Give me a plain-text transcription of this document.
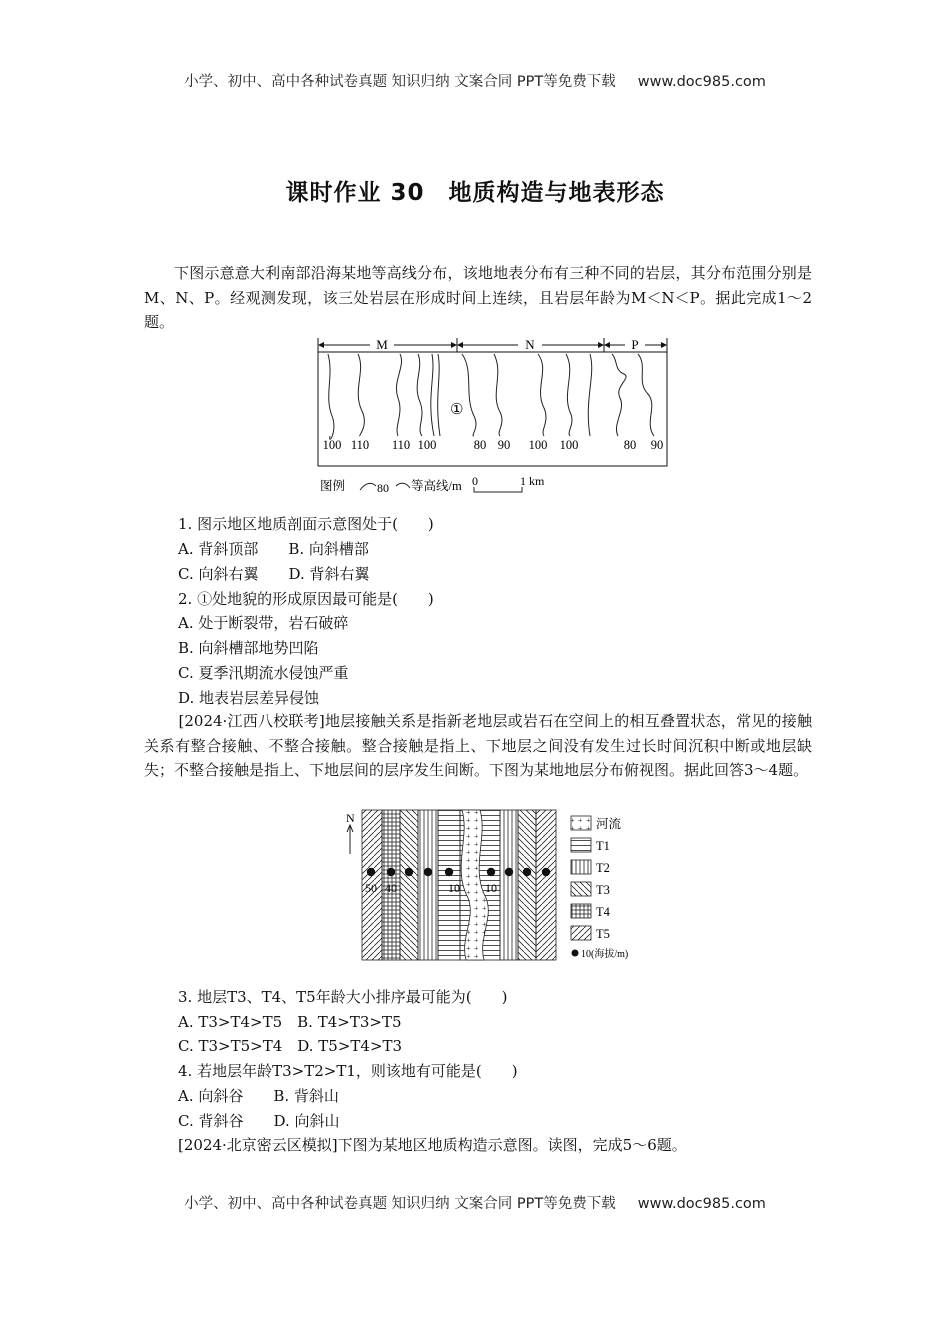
小学、初中、高中各种试卷真题 知识归纳 文案合同 PPT等免费下载 www.doc985.com
课时作业 30　地质构造与地表形态
下图示意意大利南部沿海某地等高线分布，该地地表分布有三种不同的岩层，其分布范围分别是M、N、P。经观测发现，该三处岩层在形成时间上连续，且岩层年龄为M＜N＜P。据此完成1～2题。
M	N	P
①
100 110 110 100	80 90 100 100	80 90
图例	80 等高线/m 0	1 km
1. 图示地区地质剖面示意图处于(　　)
A. 背斜顶部　　B. 向斜槽部
C. 向斜右翼　　D. 背斜右翼
2. ①处地貌的形成原因最可能是(　　)
A. 处于断裂带，岩石破碎
B. 向斜槽部地势凹陷
C. 夏季汛期流水侵蚀严重
D. 地表岩层差异侵蚀
[2024·江西八校联考]地层接触关系是指新老地层或岩石在空间上的相互叠置状态，常见的接触关系有整合接触、不整合接触。整合接触是指上、下地层之间没有发生过长时间沉积中断或地层缺失；不整合接触是指上、下地层间的层序发生间断。下图为某地地层分布俯视图。据此回答3～4题。
N
50 40	10 10
河流
T1
T2
T3
T4
T5
10(海拔/m)
3. 地层T3、T4、T5年龄大小排序最可能为(　　)
A. T3>T4>T5　B. T4>T3>T5
C. T3>T5>T4　D. T5>T4>T3
4. 若地层年龄T3>T2>T1，则该地有可能是(　　)
A. 向斜谷　　B. 背斜山
C. 背斜谷　　D. 向斜山
[2024·北京密云区模拟]下图为某地区地质构造示意图。读图，完成5～6题。
小学、初中、高中各种试卷真题 知识归纳 文案合同 PPT等免费下载 www.doc985.com
